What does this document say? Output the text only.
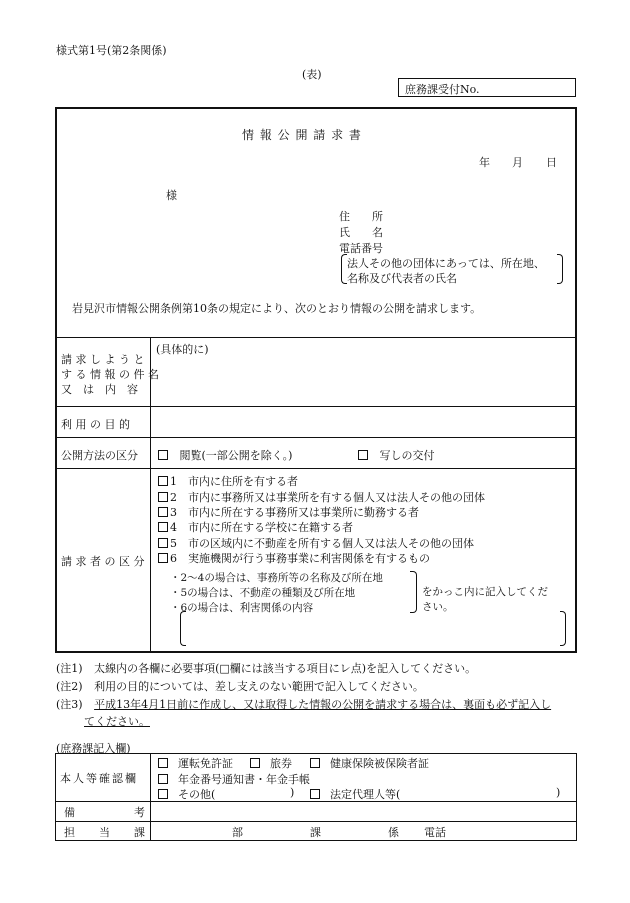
様式第1号(第2条関係)
(表)
庶務課受付No.
情 報 公 開 請 求 書
年 月 日
様
住　　所
氏　　名
電話番号
法人その他の団体にあっては、所在地、
名称及び代表者の氏名
岩見沢市情報公開条例第10条の規定により、次のとおり情報の公開を請求します。
請 求 し よ う と
す る 情 報 の 件 名
又　は　内　容
(具体的に)
利 用 の 目 的
公開方法の区分	閲覧(一部公開を除く。)	写しの交付
請 求 者 の 区 分
1　市内に住所を有する者
2　市内に事務所又は事業所を有する個人又は法人その他の団体
3　市内に所在する事務所又は事業所に勤務する者
4　市内に所在する学校に在籍する者
5　市の区域内に不動産を所有する個人又は法人その他の団体
6　実施機関が行う事務事業に利害関係を有するもの
・2～4の場合は、事務所等の名称及び所在地
・5の場合は、不動産の種類及び所在地
・6の場合は、利害関係の内容
をかっこ内に記入してくだ
さい。
(注1) 太線内の各欄に必要事項(□欄には該当する項目にレ点)を記入してください。
(注2) 利用の目的については、差し支えのない範囲で記入してください。
(注3) 平成13年4月1日前に作成し、又は取得した情報の公開を請求する場合は、裏面も必ず記入し
てください。
(庶務課記入欄)
本人等確認欄
運転免許証	旅券	健康保険被保険者証
年金番号通知書・年金手帳
その他(	)	法定代理人等(	)
備	考
担 当 課	部	課	係 電話
